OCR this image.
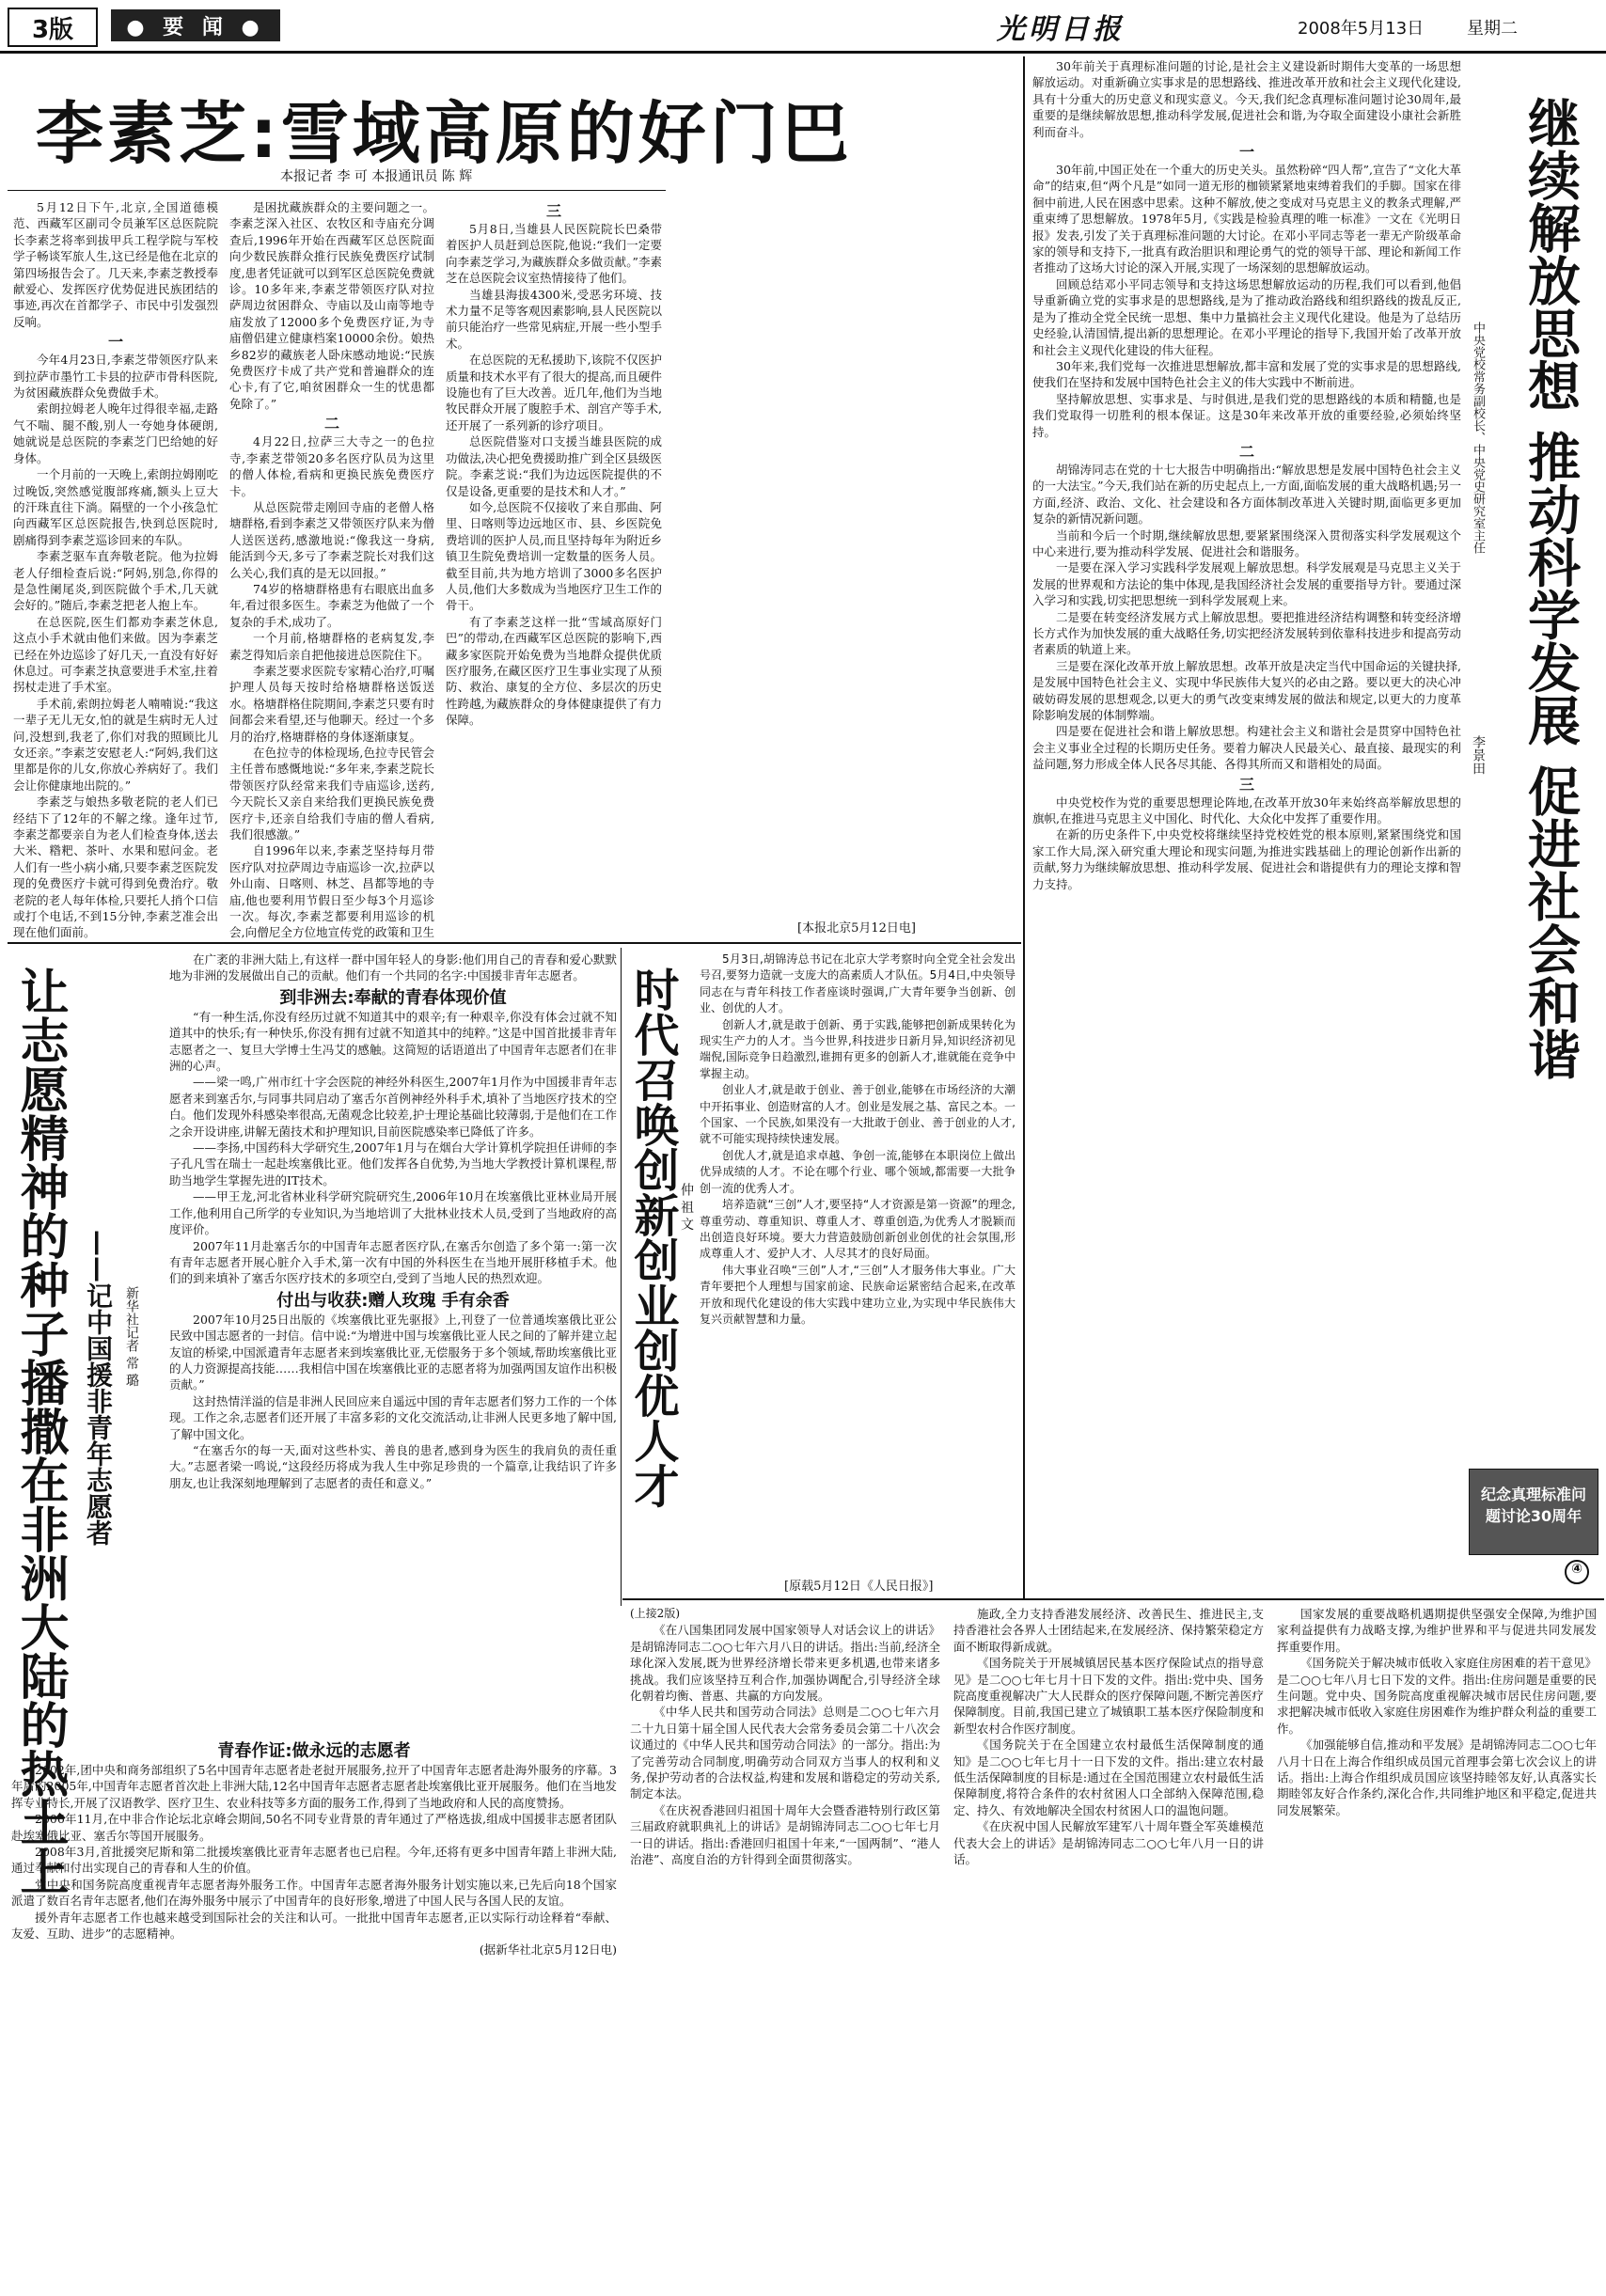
3版	● 要 闻 ●	光明日报	2008年5月13日	星期二
李素芝:雪域高原的好门巴
本报记者 李 可 本报通讯员 陈 辉

5月12日下午,北京,全国道德模范、西藏军区副司令员兼军区总医院院长李素芝将率到拔甲兵工程学院与军校学子畅谈军旅人生,这已经是他在北京的第四场报告会了。几天来,李素芝教授奉献爱心、发挥医疗优势促进民族团结的事迹,再次在首都学子、市民中引发强烈反响。

一

今年4月23日,李素芝带领医疗队来到拉萨市墨竹工卡县的拉萨市骨科医院,为贫困藏族群众免费做手术。

索朗拉姆老人晚年过得很幸福,走路气不喘、腿不酸,别人一夸她身体硬朗,她就说是总医院的李素芝门巴给她的好身体。

一个月前的一天晚上,索朗拉姆刚吃过晚饭,突然感觉腹部疼痛,额头上豆大的汗珠直往下淌。隔壁的一个小孩急忙向西藏军区总医院报告,快到总医院时,剧痛得到李素芝巡诊回来的车队。

李素芝驱车直奔敬老院。他为拉姆老人仔细检查后说:“阿妈,别急,你得的是急性阑尾炎,到医院做个手术,几天就会好的。”随后,李素芝把老人抱上车。

在总医院,医生们都劝李素芝休息,这点小手术就由他们来做。因为李素芝已经在外边巡诊了好几天,一直没有好好休息过。可李素芝执意要进手术室,拄着拐杖走进了手术室。

手术前,索朗拉姆老人喃喃说:“我这一辈子无儿无女,怕的就是生病时无人过问,没想到,我老了,你们对我的照顾比儿女还亲。”李素芝安慰老人:“阿妈,我们这里都是你的儿女,你放心养病好了。我们会让你健康地出院的。”

李素芝与娘热多敬老院的老人们已经结下了12年的不解之缘。逢年过节,李素芝都要亲自为老人们检查身体,送去大米、糌粑、茶叶、水果和慰问金。老人们有一些小病小痛,只要李素芝医院发现的免费医疗卡就可得到免费治疗。敬老院的老人每年体检,只要托人捎个口信或打个电话,不到15分钟,李素芝准会出现在他们面前。

是困扰藏族群众的主要问题之一。李素芝深入社区、农牧区和寺庙充分调查后,1996年开始在西藏军区总医院面向少数民族群众推行民族免费医疗试制度,患者凭证就可以到军区总医院免费就诊。10多年来,李素芝带领医疗队对拉萨周边贫困群众、寺庙以及山南等地寺庙发放了12000多个免费医疗证,为寺庙僧侣建立健康档案10000余份。娘热乡82岁的藏族老人卧床感动地说:“民族免费医疗卡成了共产党和普遍群众的连心卡,有了它,咱贫困群众一生的忧患都免除了。”

二

4月22日,拉萨三大寺之一的色拉寺,李素芝带领20多名医疗队员为这里的僧人体检,看病和更换民族免费医疗卡。

从总医院带走刚回寺庙的老僧人格塘群格,看到李素芝又带领医疗队来为僧人送医送药,感激地说:“像我这一身病,能活到今天,多亏了李素芝院长对我们这么关心,我们真的是无以回报。”

74岁的格塘群格患有右眼底出血多年,看过很多医生。李素芝为他做了一个复杂的手术,成功了。

一个月前,格塘群格的老病复发,李素芝得知后亲自把他接进总医院住下。

李素芝要求医院专家精心治疗,叮嘱护理人员每天按时给格塘群格送饭送水。格塘群格住院期间,李素芝只要有时间都会来看望,还与他聊天。经过一个多月的治疗,格塘群格的身体逐渐康复。

在色拉寺的体检现场,色拉寺民管会主任普布感慨地说:“多年来,李素芝院长带领医疗队经常来我们寺庙巡诊,送药,今天院长又亲自来给我们更换民族免费医疗卡,还亲自给我们寺庙的僧人看病,我们很感激。”

自1996年以来,李素芝坚持每月带医疗队对拉萨周边寺庙巡诊一次,拉萨以外山南、日喀则、林芝、昌都等地的寺庙,他也要利用节假日至少每3个月巡诊一次。每次,李素芝都要利用巡诊的机会,向僧尼全方位地宣传党的政策和卫生

三

5月8日,当雄县人民医院院长巴桑带着医护人员赶到总医院,他说:“我们一定要向李素芝学习,为藏族群众多做贡献。”李素芝在总医院会议室热情接待了他们。

当雄县海拔4300米,受恶劣环境、技术力量不足等客观因素影响,县人民医院以前只能治疗一些常见病症,开展一些小型手术。

在总医院的无私援助下,该院不仅医护质量和技术水平有了很大的提高,而且硬件设施也有了巨大改善。近几年,他们为当地牧民群众开展了腹腔手术、剖宫产等手术,还开展了一系列新的诊疗项目。

总医院借鉴对口支援当雄县医院的成功做法,决心把免费援助推广到全区县级医院。李素芝说:“我们为边远医院提供的不仅是设备,更重要的是技术和人才。”

如今,总医院不仅接收了来自那曲、阿里、日喀则等边远地区市、县、乡医院免费培训的医护人员,而且坚持每年为附近乡镇卫生院免费培训一定数量的医务人员。截至目前,共为地方培训了3000多名医护人员,他们大多数成为当地医疗卫生工作的骨干。

有了李素芝这样一批“雪域高原好门巴”的带动,在西藏军区总医院的影响下,西藏多家医院开始免费为当地群众提供优质医疗服务,在藏区医疗卫生事业实现了从预防、救治、康复的全方位、多层次的历史性跨越,为藏族群众的身体健康提供了有力保障。

[本报北京5月12日电]
让志愿精神的种子播撒在非洲大陆的热土上 ——记中国援非青年志愿者 新华社记者 常 璐

在广袤的非洲大陆上,有这样一群中国年轻人的身影:他们用自己的青春和爱心默默地为非洲的发展做出自己的贡献。他们有一个共同的名字:中国援非青年志愿者。

到非洲去:奉献的青春体现价值

“有一种生活,你没有经历过就不知道其中的艰辛;有一种艰辛,你没有体会过就不知道其中的快乐;有一种快乐,你没有拥有过就不知道其中的纯粹。”这是中国首批援非青年志愿者之一、复旦大学博士生冯艾的感触。这简短的话语道出了中国青年志愿者们在非洲的心声。

——梁一鸣,广州市红十字会医院的神经外科医生,2007年1月作为中国援非青年志愿者来到塞舌尔,与同事共同启动了塞舌尔首例神经外科手术,填补了当地医疗技术的空白。他们发现外科感染率很高,无菌观念比较差,护士理论基础比较薄弱,于是他们在工作之余开设讲座,讲解无菌技术和护理知识,目前医院感染率已降低了许多。

——李扬,中国药科大学研究生,2007年1月与在烟台大学计算机学院担任讲师的李子孔凡雪在瑞士一起赴埃塞俄比亚。他们发挥各自优势,为当地大学教授计算机课程,帮助当地学生掌握先进的IT技术。

——甲王龙,河北省林业科学研究院研究生,2006年10月在埃塞俄比亚林业局开展工作,他利用自己所学的专业知识,为当地培训了大批林业技术人员,受到了当地政府的高度评价。

2007年11月赴塞舌尔的中国青年志愿者医疗队,在塞舌尔创造了多个第一:第一次有青年志愿者开展心脏介入手术,第一次有中国的外科医生在当地开展肝移植手术。他们的到来填补了塞舌尔医疗技术的多项空白,受到了当地人民的热烈欢迎。

付出与收获:赠人玫瑰 手有余香

2007年10月25日出版的《埃塞俄比亚先驱报》上,刊登了一位普通埃塞俄比亚公民致中国志愿者的一封信。信中说:“为增进中国与埃塞俄比亚人民之间的了解并建立起友谊的桥梁,中国派遣青年志愿者来到埃塞俄比亚,无偿服务于多个领域,帮助埃塞俄比亚的人力资源提高技能……我相信中国在埃塞俄比亚的志愿者将为加强两国友谊作出积极贡献。”

这封热情洋溢的信是非洲人民回应来自遥远中国的青年志愿者们努力工作的一个体现。工作之余,志愿者们还开展了丰富多彩的文化交流活动,让非洲人民更多地了解中国,了解中国文化。

“在塞舌尔的每一天,面对这些朴实、善良的患者,感到身为医生的我肩负的责任重大。”志愿者梁一鸣说,“这段经历将成为我人生中弥足珍贵的一个篇章,让我结识了许多朋友,也让我深刻地理解到了志愿者的责任和意义。”

青春作证:做永远的志愿者

2002年,团中央和商务部组织了5名中国青年志愿者赴老挝开展服务,拉开了中国青年志愿者赴海外服务的序幕。3年后的2005年,中国青年志愿者首次赴上非洲大陆,12名中国青年志愿者志愿者赴埃塞俄比亚开展服务。他们在当地发挥专业特长,开展了汉语教学、医疗卫生、农业科技等多方面的服务工作,得到了当地政府和人民的高度赞扬。

2006年11月,在中非合作论坛北京峰会期间,50名不同专业背景的青年通过了严格选拔,组成中国援非志愿者团队赴埃塞俄比亚、塞舌尔等国开展服务。

2008年3月,首批援突尼斯和第二批援埃塞俄比亚青年志愿者也已启程。今年,还将有更多中国青年踏上非洲大陆,通过奉献和付出实现自己的青春和人生的价值。

党中央和国务院高度重视青年志愿者海外服务工作。中国青年志愿者海外服务计划实施以来,已先后向18个国家派遣了数百名青年志愿者,他们在海外服务中展示了中国青年的良好形象,增进了中国人民与各国人民的友谊。

援外青年志愿者工作也越来越受到国际社会的关注和认可。一批批中国青年志愿者,正以实际行动诠释着“奉献、友爱、互助、进步”的志愿精神。

(据新华社北京5月12日电)
时代召唤创新创业创优人才 仲 祖 文

5月3日,胡锦涛总书记在北京大学考察时向全党全社会发出号召,要努力造就一支庞大的高素质人才队伍。5月4日,中央领导同志在与青年科技工作者座谈时强调,广大青年要争当创新、创业、创优的人才。

创新人才,就是敢于创新、勇于实践,能够把创新成果转化为现实生产力的人才。当今世界,科技进步日新月异,知识经济初见端倪,国际竞争日趋激烈,谁拥有更多的创新人才,谁就能在竞争中掌握主动。

创业人才,就是敢于创业、善于创业,能够在市场经济的大潮中开拓事业、创造财富的人才。创业是发展之基、富民之本。一个国家、一个民族,如果没有一大批敢于创业、善于创业的人才,就不可能实现持续快速发展。

创优人才,就是追求卓越、争创一流,能够在本职岗位上做出优异成绩的人才。不论在哪个行业、哪个领域,都需要一大批争创一流的优秀人才。

培养造就“三创”人才,要坚持“人才资源是第一资源”的理念,尊重劳动、尊重知识、尊重人才、尊重创造,为优秀人才脱颖而出创造良好环境。要大力营造鼓励创新创业创优的社会氛围,形成尊重人才、爱护人才、人尽其才的良好局面。

伟大事业召唤“三创”人才,“三创”人才服务伟大事业。广大青年要把个人理想与国家前途、民族命运紧密结合起来,在改革开放和现代化建设的伟大实践中建功立业,为实现中华民族伟大复兴贡献智慧和力量。

[原载5月12日《人民日报》]
继续解放思想 推动科学发展 促进社会和谐
中央党校常务副校长、中央党史研究室主任
李景田

30年前关于真理标准问题的讨论,是社会主义建设新时期伟大变革的一场思想解放运动。对重新确立实事求是的思想路线、推进改革开放和社会主义现代化建设,具有十分重大的历史意义和现实意义。今天,我们纪念真理标准问题讨论30周年,最重要的是继续解放思想,推动科学发展,促进社会和谐,为夺取全面建设小康社会新胜利而奋斗。

一

30年前,中国正处在一个重大的历史关头。虽然粉碎“四人帮”,宣告了“文化大革命”的结束,但“两个凡是”如同一道无形的枷锁紧紧地束缚着我们的手脚。国家在徘徊中前进,人民在困惑中思索。这种不解放,使之变成对马克思主义的教条式理解,严重束缚了思想解放。1978年5月,《实践是检验真理的唯一标准》一文在《光明日报》发表,引发了关于真理标准问题的大讨论。在邓小平同志等老一辈无产阶级革命家的领导和支持下,一批真有政治胆识和理论勇气的党的领导干部、理论和新闻工作者推动了这场大讨论的深入开展,实现了一场深刻的思想解放运动。

回顾总结邓小平同志领导和支持这场思想解放运动的历程,我们可以看到,他倡导重新确立党的实事求是的思想路线,是为了推动政治路线和组织路线的拨乱反正,是为了推动全党全民统一思想、集中力量搞社会主义现代化建设。他是为了总结历史经验,认清国情,提出新的思想理论。在邓小平理论的指导下,我国开始了改革开放和社会主义现代化建设的伟大征程。

30年来,我们党每一次推进思想解放,都丰富和发展了党的实事求是的思想路线,使我们在坚持和发展中国特色社会主义的伟大实践中不断前进。

坚持解放思想、实事求是、与时俱进,是我们党的思想路线的本质和精髓,也是我们党取得一切胜利的根本保证。这是30年来改革开放的重要经验,必须始终坚持。

二

胡锦涛同志在党的十七大报告中明确指出:“解放思想是发展中国特色社会主义的一大法宝。”今天,我们站在新的历史起点上,一方面,面临发展的重大战略机遇;另一方面,经济、政治、文化、社会建设和各方面体制改革进入关键时期,面临更多更加复杂的新情况新问题。

当前和今后一个时期,继续解放思想,要紧紧围绕深入贯彻落实科学发展观这个中心来进行,要为推动科学发展、促进社会和谐服务。

一是要在深入学习实践科学发展观上解放思想。科学发展观是马克思主义关于发展的世界观和方法论的集中体现,是我国经济社会发展的重要指导方针。要通过深入学习和实践,切实把思想统一到科学发展观上来。

二是要在转变经济发展方式上解放思想。要把推进经济结构调整和转变经济增长方式作为加快发展的重大战略任务,切实把经济发展转到依靠科技进步和提高劳动者素质的轨道上来。

三是要在深化改革开放上解放思想。改革开放是决定当代中国命运的关键抉择,是发展中国特色社会主义、实现中华民族伟大复兴的必由之路。要以更大的决心冲破妨碍发展的思想观念,以更大的勇气改变束缚发展的做法和规定,以更大的力度革除影响发展的体制弊端。

四是要在促进社会和谐上解放思想。构建社会主义和谐社会是贯穿中国特色社会主义事业全过程的长期历史任务。要着力解决人民最关心、最直接、最现实的利益问题,努力形成全体人民各尽其能、各得其所而又和谐相处的局面。

三

中央党校作为党的重要思想理论阵地,在改革开放30年来始终高举解放思想的旗帜,在推进马克思主义中国化、时代化、大众化中发挥了重要作用。

在新的历史条件下,中央党校将继续坚持党校姓党的根本原则,紧紧围绕党和国家工作大局,深入研究重大理论和现实问题,为推进实践基础上的理论创新作出新的贡献,努力为继续解放思想、推动科学发展、促进社会和谐提供有力的理论支撑和智力支持。

纪念真理标准问题讨论30周年
④
(上接2版)

《在八国集团同发展中国家领导人对话会议上的讲话》是胡锦涛同志二○○七年六月八日的讲话。指出:当前,经济全球化深入发展,既为世界经济增长带来更多机遇,也带来诸多挑战。我们应该坚持互利合作,加强协调配合,引导经济全球化朝着均衡、普惠、共赢的方向发展。

《中华人民共和国劳动合同法》总则是二○○七年六月二十九日第十届全国人民代表大会常务委员会第二十八次会议通过的《中华人民共和国劳动合同法》的一部分。指出:为了完善劳动合同制度,明确劳动合同双方当事人的权利和义务,保护劳动者的合法权益,构建和发展和谐稳定的劳动关系,制定本法。

《在庆祝香港回归祖国十周年大会暨香港特别行政区第三届政府就职典礼上的讲话》是胡锦涛同志二○○七年七月一日的讲话。指出:香港回归祖国十年来,“一国两制”、“港人治港”、高度自治的方针得到全面贯彻落实。

施政,全力支持香港发展经济、改善民生、推进民主,支持香港社会各界人士团结起来,在发展经济、保持繁荣稳定方面不断取得新成就。

《国务院关于开展城镇居民基本医疗保险试点的指导意见》是二○○七年七月十日下发的文件。指出:党中央、国务院高度重视解决广大人民群众的医疗保障问题,不断完善医疗保障制度。目前,我国已建立了城镇职工基本医疗保险制度和新型农村合作医疗制度。

《国务院关于在全国建立农村最低生活保障制度的通知》是二○○七年七月十一日下发的文件。指出:建立农村最低生活保障制度的目标是:通过在全国范围建立农村最低生活保障制度,将符合条件的农村贫困人口全部纳入保障范围,稳定、持久、有效地解决全国农村贫困人口的温饱问题。

《在庆祝中国人民解放军建军八十周年暨全军英雄模范代表大会上的讲话》是胡锦涛同志二○○七年八月一日的讲话。

国家发展的重要战略机遇期提供坚强安全保障,为维护国家利益提供有力战略支撑,为维护世界和平与促进共同发展发挥重要作用。

《国务院关于解决城市低收入家庭住房困难的若干意见》是二○○七年八月七日下发的文件。指出:住房问题是重要的民生问题。党中央、国务院高度重视解决城市居民住房问题,要求把解决城市低收入家庭住房困难作为维护群众利益的重要工作。

《加强能够自信,推动和平发展》是胡锦涛同志二○○七年八月十日在上海合作组织成员国元首理事会第七次会议上的讲话。指出:上海合作组织成员国应该坚持睦邻友好,认真落实长期睦邻友好合作条约,深化合作,共同维护地区和平稳定,促进共同发展繁荣。
